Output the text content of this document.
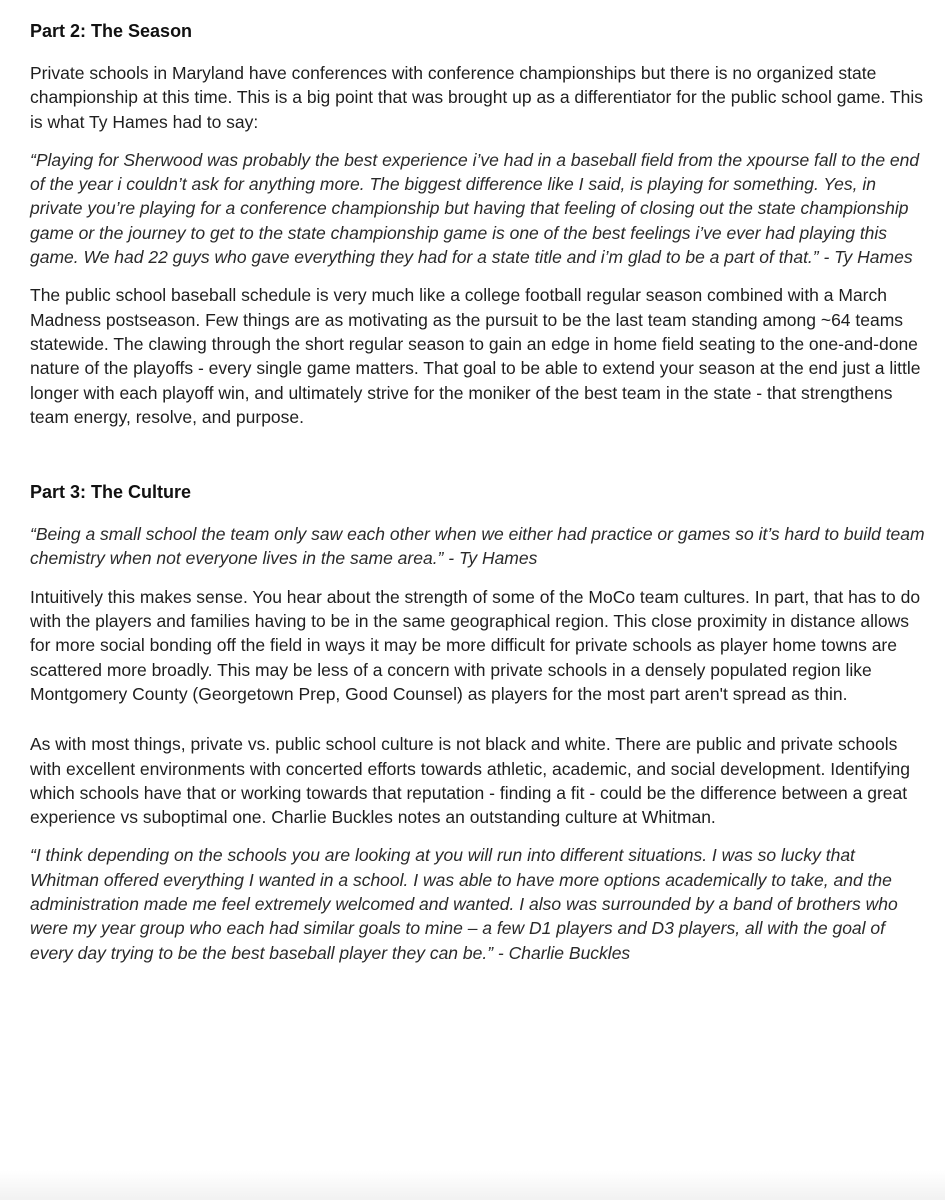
Part 2: The Season

Private schools in Maryland have conferences with conference championships but there is no organized state championship at this time. This is a big point that was brought up as a differentiator for the public school game. This is what Ty Hames had to say:

“Playing for Sherwood was probably the best experience i’ve had in a baseball field from the xpourse fall to the end of the year i couldn’t ask for anything more. The biggest difference like I said, is playing for something. Yes, in private you’re playing for a conference championship but having that feeling of closing out the state championship game or the journey to get to the state championship game is one of the best feelings i’ve ever had playing this game. We had 22 guys who gave everything they had for a state title and i’m glad to be a part of that.” - Ty Hames

The public school baseball schedule is very much like a college football regular season combined with a March Madness postseason. Few things are as motivating as the pursuit to be the last team standing among ~64 teams statewide. The clawing through the short regular season to gain an edge in home field seating to the one-and-done nature of the playoffs - every single game matters. That goal to be able to extend your season at the end just a little longer with each playoff win, and ultimately strive for the moniker of the best team in the state - that strengthens team energy, resolve, and purpose.

Part 3: The Culture

“Being a small school the team only saw each other when we either had practice or games so it’s hard to build team chemistry when not everyone lives in the same area.” - Ty Hames

Intuitively this makes sense. You hear about the strength of some of the MoCo team cultures. In part, that has to do with the players and families having to be in the same geographical region. This close proximity in distance allows for more social bonding off the field in ways it may be more difficult for private schools as player home towns are scattered more broadly. This may be less of a concern with private schools in a densely populated region like Montgomery County (Georgetown Prep, Good Counsel) as players for the most part aren't spread as thin.

As with most things, private vs. public school culture is not black and white. There are public and private schools with excellent environments with concerted efforts towards athletic, academic, and social development. Identifying which schools have that or working towards that reputation - finding a fit - could be the difference between a great experience vs suboptimal one. Charlie Buckles notes an outstanding culture at Whitman.

“I think depending on the schools you are looking at you will run into different situations. I was so lucky that Whitman offered everything I wanted in a school. I was able to have more options academically to take, and the administration made me feel extremely welcomed and wanted. I also was surrounded by a band of brothers who were my year group who each had similar goals to mine – a few D1 players and D3 players, all with the goal of every day trying to be the best baseball player they can be.” - Charlie Buckles
